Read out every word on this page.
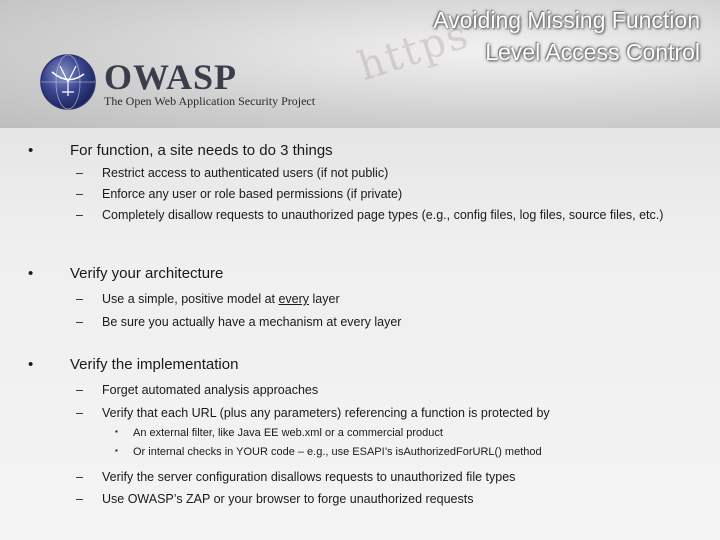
https
Avoiding Missing Function
Level Access Control
OWASP
The Open Web Application Security Project
• For function, a site needs to do 3 things
– Restrict access to authenticated users (if not public)
– Enforce any user or role based permissions (if private)
– Completely disallow requests to unauthorized page types (e.g., config files, log files, source files, etc.)
• Verify your architecture
– Use a simple, positive model at every layer
– Be sure you actually have a mechanism at every layer
• Verify the implementation
– Forget automated analysis approaches
– Verify that each URL (plus any parameters) referencing a function is protected by
▪ An external filter, like Java EE web.xml or a commercial product
▪ Or internal checks in YOUR code – e.g., use ESAPI’s isAuthorizedForURL() method
– Verify the server configuration disallows requests to unauthorized file types
– Use OWASP’s ZAP or your browser to forge unauthorized requests
